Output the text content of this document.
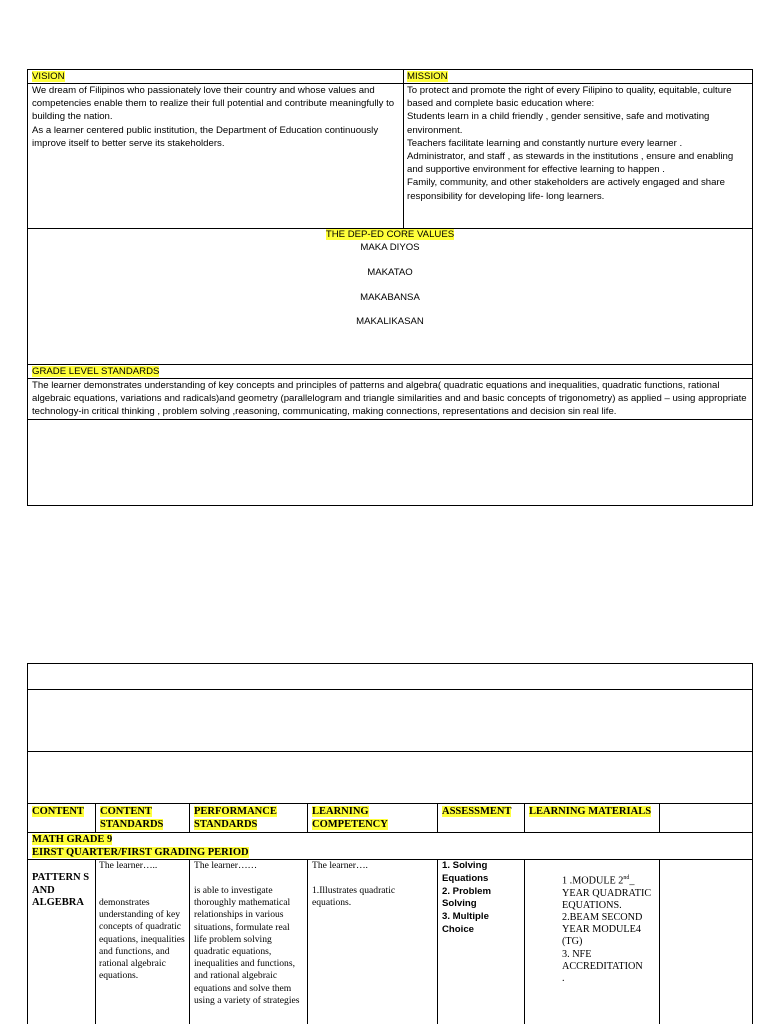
VISION
We dream of Filipinos who passionately love their country and whose values and competencies enable them to realize their full potential and contribute meaningfully to building the nation.
As a learner centered public institution, the Department of Education continuously improve itself to better serve its stakeholders.
MISSION
To protect and promote the right of every Filipino to quality, equitable, culture based and complete basic education where:
Students learn in a child friendly , gender sensitive, safe and motivating environment.
Teachers facilitate learning and constantly nurture every learner .
Administrator, and staff , as stewards in the institutions , ensure and enabling and supportive environment for effective learning to happen .
Family, community, and other stakeholders are actively engaged and share responsibility for developing life- long learners.
THE DEP-ED CORE VALUES
MAKA DIYOS
MAKATAO
MAKABANSA
MAKALIKASAN
GRADE LEVEL STANDARDS
The learner demonstrates understanding of key concepts and principles of patterns and algebra( quadratic equations and inequalities, quadratic functions, rational algebraic equations, variations and radicals)and geometry (parallelogram and triangle similarities and and basic concepts of trigonometry) as applied – using appropriate technology-in critical thinking , problem solving ,reasoning, communicating, making connections, representations and decision sin real life.
CONTENT CONTENT STANDARDS
PERFORMANCE STANDARDS
LEARNING COMPETENCY
ASSESSMENT LEARNING MATERIALS
MATH GRADE 9
EIRST QUARTER/FIRST GRADING PERIOD
PATTERN S AND ALGEBRA
The learner…..
demonstrates understanding of key concepts of quadratic equations, inequalities and functions, and rational algebraic equations.
The learner……
is able to investigate thoroughly mathematical relationships in various situations, formulate real life problem solving quadratic equations, inequalities and functions, and rational algebraic equations and solve them using a variety of strategies
The learner….
1.Illustrates quadratic equations.
1. Solving Equations
2. Problem Solving
3. Multiple Choice
1 .MODULE 2nd_
YEAR QUADRATIC EQUATIONS.
2.BEAM SECOND YEAR MODULE4 (TG)
3. NFE ACCREDITATION
.
